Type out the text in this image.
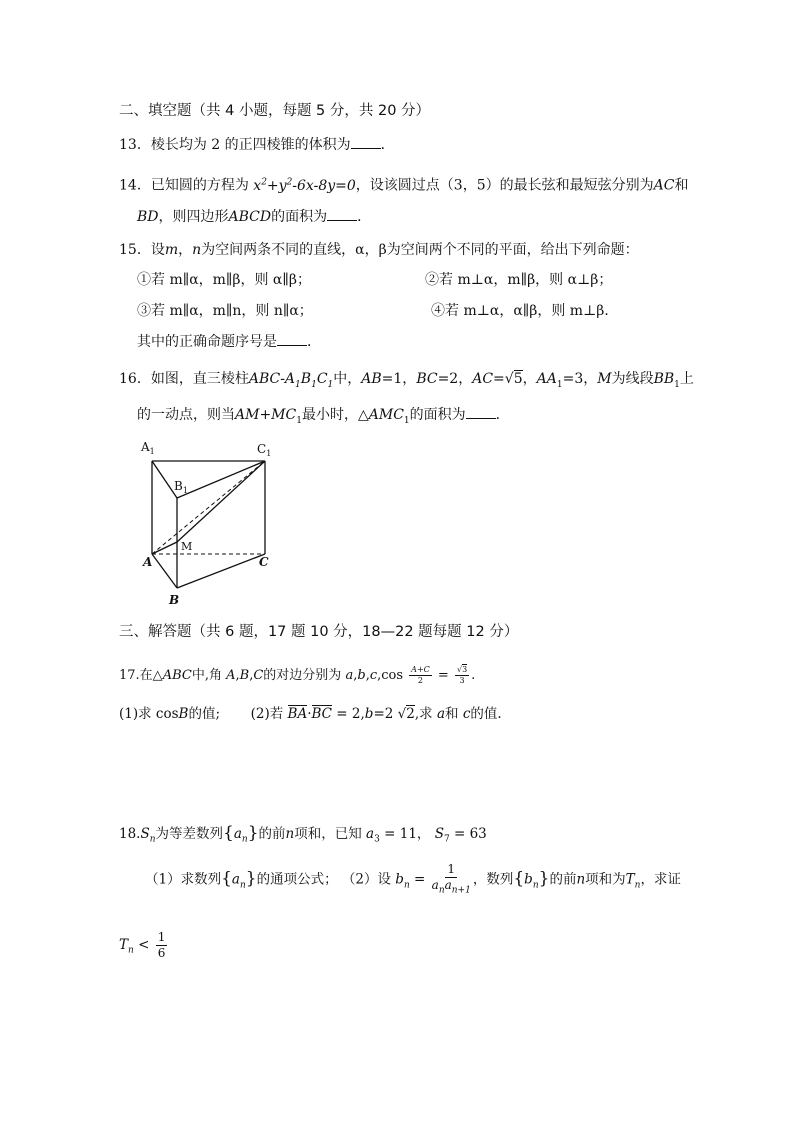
二、填空题（共 4 小题，每题 5 分，共 20 分）
13．棱长均为 2 的正四棱锥的体积为 ．
14．已知圆的方程为 $x^2+y^2-6x-8y=0$，设该圆过点（3，5）的最长弦和最短弦分别为AC和
BD，则四边形ABCD的面积为 ．
15．设m，n为空间两条不同的直线，α，β为空间两个不同的平面，给出下列命题：
①若 m∥α，m∥β，则 α∥β；	②若 m⊥α，m∥β，则 α⊥β；
③若 m∥α，m∥n，则 n∥α；	④若 m⊥α，α∥β，则 m⊥β．
其中的正确命题序号是 ．
16．如图，直三棱柱ABC-$A_1B_1C_1$中，AB=1，BC=2，AC=√5，$AA_1=3$，M为线段$BB_1$上
的一动点，则当$AM+MC_1$最小时，$\triangle AMC_1$的面积为 ．
$A_1$	$C_1$
$B_1$
M
A	C
B
三、解答题（共 6 题，17 题 10 分，18—22 题每题 12 分）
17.在△ABC中,角 A,B,C的对边分别为 $a,b,c,\cos \frac{A+C}{2} = \frac{√3}{3}$ .
(1)求 cosB的值; (2)若 BA·BC = 2,b=2 √2,求 a和 c的值.
$18.S_n$为等差数列$\{a_n\}$的前n项和，已知 $a_3 = 11$， $S_7 = 63$
（1）求数列$\{a_n\}$的通项公式； （2）设 $b_n = \frac{1}{a_na_{n+1}}$ ，数列$\{b_n\}$的前n项和为$T_n$，求证
$T_n < \frac{1}{6}$
